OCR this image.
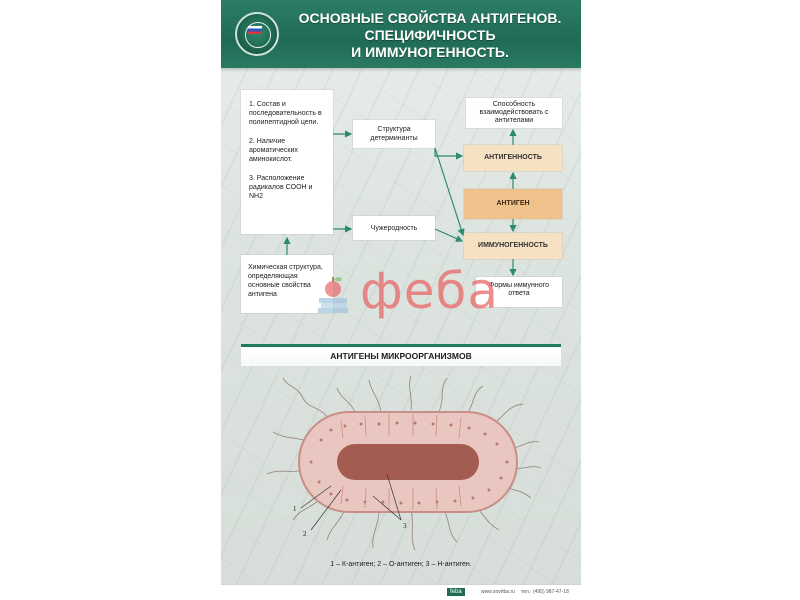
ОСНОВНЫЕ СВОЙСТВА АНТИГЕНОВ.
СПЕЦИФИЧНОСТЬ
И ИММУНОГЕННОСТЬ.

1. Состав и последовательность в полипептидной цепи.

2. Наличие ароматических аминокислот.

3. Расположение радикалов COOH и NH2

Химическая структура, определяющая основные свойства антигена
Структура детерминанты
Чужеродность
Способность взаимодействовать с антителами
АНТИГЕННОСТЬ
АНТИГЕН
ИММУНОГЕННОСТЬ
Формы иммунного ответа
АНТИГЕНЫ МИКРООРГАНИЗМОВ
1
2
3
1 – К-антиген; 2 – О-антиген; 3 – Н-антиген.
feba	www.sovriba.ru тел.: (495) 987-47-18
феба
